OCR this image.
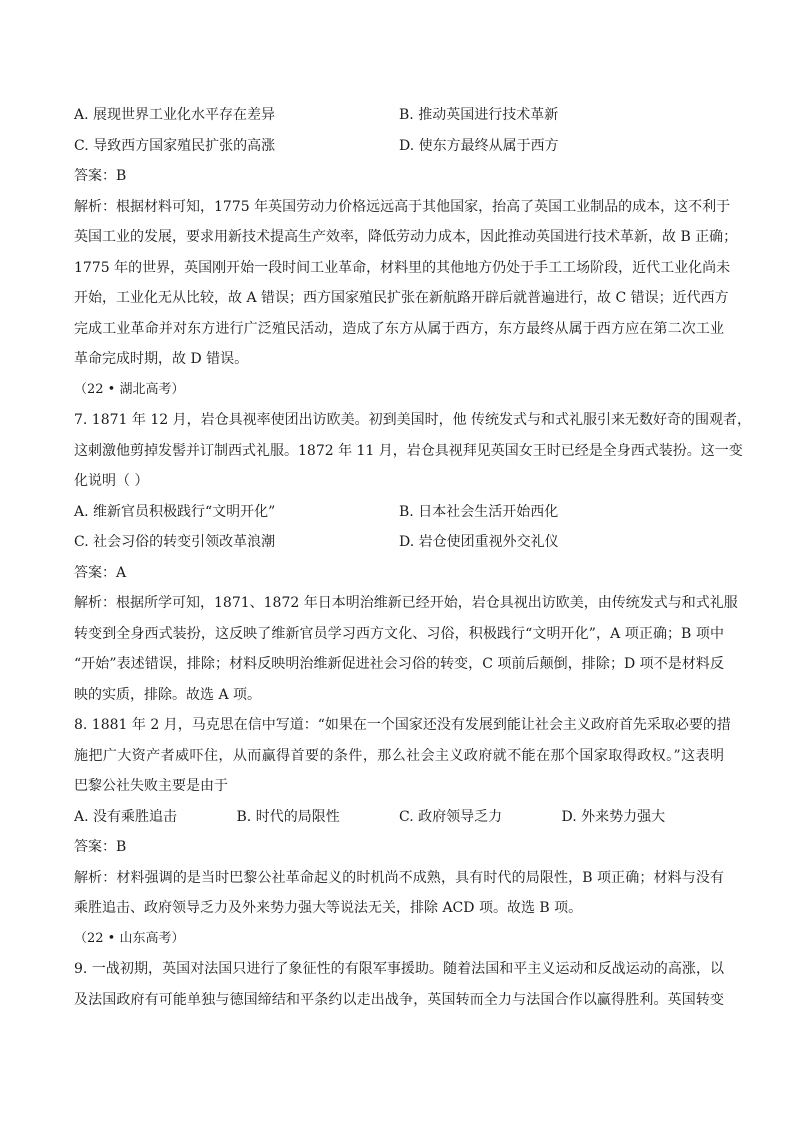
A. 展现世界工业化水平存在差异	B. 推动英国进行技术革新
C. 导致西方国家殖民扩张的高涨	D. 使东方最终从属于西方
答案：B
解析：根据材料可知，1775 年英国劳动力价格远远高于其他国家，抬高了英国工业制品的成本，这不利于
英国工业的发展，要求用新技术提高生产效率，降低劳动力成本，因此推动英国进行技术革新，故 B 正确；
1775 年的世界，英国刚开始一段时间工业革命，材料里的其他地方仍处于手工工场阶段，近代工业化尚未
开始，工业化无从比较，故 A 错误；西方国家殖民扩张在新航路开辟后就普遍进行，故 C 错误；近代西方
完成工业革命并对东方进行广泛殖民活动，造成了东方从属于西方，东方最终从属于西方应在第二次工业
革命完成时期，故 D 错误。
（22 • 湖北高考）
7. 1871 年 12 月，岩仓具视率使团出访欧美。初到美国时，他 传统发式与和式礼服引来无数好奇的围观者，
这刺激他剪掉发髻并订制西式礼服。1872 年 11 月，岩仓具视拜见英国女王时已经是全身西式装扮。这一变
化说明（ ）
A. 维新官员积极践行“文明开化”	B. 日本社会生活开始西化
C. 社会习俗的转变引领改革浪潮	D. 岩仓使团重视外交礼仪
答案：A
解析：根据所学可知，1871、1872 年日本明治维新已经开始，岩仓具视出访欧美，由传统发式与和式礼服
转变到全身西式装扮，这反映了维新官员学习西方文化、习俗，积极践行“文明开化”，A 项正确；B 项中
“开始”表述错误，排除；材料反映明治维新促进社会习俗的转变，C 项前后颠倒，排除；D 项不是材料反
映的实质，排除。故选 A 项。
8. 1881 年 2 月，马克思在信中写道：“如果在一个国家还没有发展到能让社会主义政府首先采取必要的措
施把广大资产者威吓住，从而赢得首要的条件，那么社会主义政府就不能在那个国家取得政权。”这表明
巴黎公社失败主要是由于
A. 没有乘胜追击	B. 时代的局限性	C. 政府领导乏力	D. 外来势力强大
答案：B
解析：材料强调的是当时巴黎公社革命起义的时机尚不成熟，具有时代的局限性，B 项正确；材料与没有
乘胜追击、政府领导乏力及外来势力强大等说法无关，排除 ACD 项。故选 B 项。
（22 • 山东高考）
9. 一战初期，英国对法国只进行了象征性的有限军事援助。随着法国和平主义运动和反战运动的高涨，以
及法国政府有可能单独与德国缔结和平条约以走出战争，英国转而全力与法国合作以赢得胜利。英国转变
